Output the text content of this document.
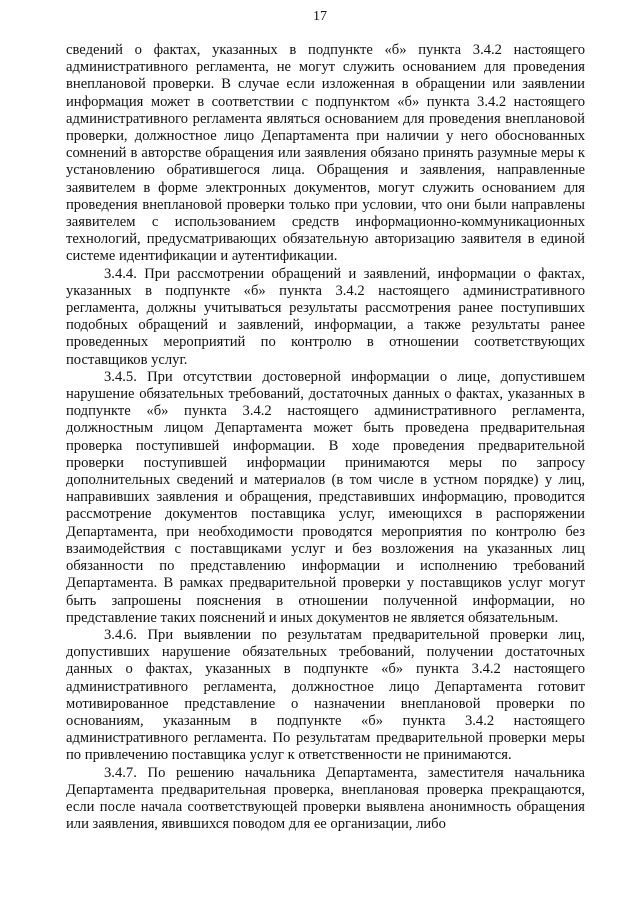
17

сведений о фактах, указанных в подпункте «б» пункта 3.4.2 настоящего административного регламента, не могут служить основанием для проведения внеплановой проверки. В случае если изложенная в обращении или заявлении информация может в соответствии с подпунктом «б» пункта 3.4.2 настоящего административного регламента являться основанием для проведения внеплановой проверки, должностное лицо Департамента при наличии у него обоснованных сомнений в авторстве обращения или заявления обязано принять разумные меры к установлению обратившегося лица. Обращения и заявления, направленные заявителем в форме электронных документов, могут служить основанием для проведения внеплановой проверки только при условии, что они были направлены заявителем с использованием средств информационно-коммуникационных технологий, предусматривающих обязательную авторизацию заявителя в единой системе идентификации и аутентификации.

3.4.4. При рассмотрении обращений и заявлений, информации о фактах, указанных в подпункте «б» пункта 3.4.2 настоящего административного регламента, должны учитываться результаты рассмотрения ранее поступивших подобных обращений и заявлений, информации, а также результаты ранее проведенных мероприятий по контролю в отношении соответствующих поставщиков услуг.

3.4.5. При отсутствии достоверной информации о лице, допустившем нарушение обязательных требований, достаточных данных о фактах, указанных в подпункте «б» пункта 3.4.2 настоящего административного регламента, должностным лицом Департамента может быть проведена предварительная проверка поступившей информации. В ходе проведения предварительной проверки поступившей информации принимаются меры по запросу дополнительных сведений и материалов (в том числе в устном порядке) у лиц, направивших заявления и обращения, представивших информацию, проводится рассмотрение документов поставщика услуг, имеющихся в распоряжении Департамента, при необходимости проводятся мероприятия по контролю без взаимодействия с поставщиками услуг и без возложения на указанных лиц обязанности по представлению информации и исполнению требований Департамента. В рамках предварительной проверки у поставщиков услуг могут быть запрошены пояснения в отношении полученной информации, но представление таких пояснений и иных документов не является обязательным.

3.4.6. При выявлении по результатам предварительной проверки лиц, допустивших нарушение обязательных требований, получении достаточных данных о фактах, указанных в подпункте «б» пункта 3.4.2 настоящего административного регламента, должностное лицо Департамента готовит мотивированное представление о назначении внеплановой проверки по основаниям, указанным в подпункте «б» пункта 3.4.2 настоящего административного регламента. По результатам предварительной проверки меры по привлечению поставщика услуг к ответственности не принимаются.

3.4.7. По решению начальника Департамента, заместителя начальника Департамента предварительная проверка, внеплановая проверка прекращаются, если после начала соответствующей проверки выявлена анонимность обращения или заявления, явившихся поводом для ее организации, либо
